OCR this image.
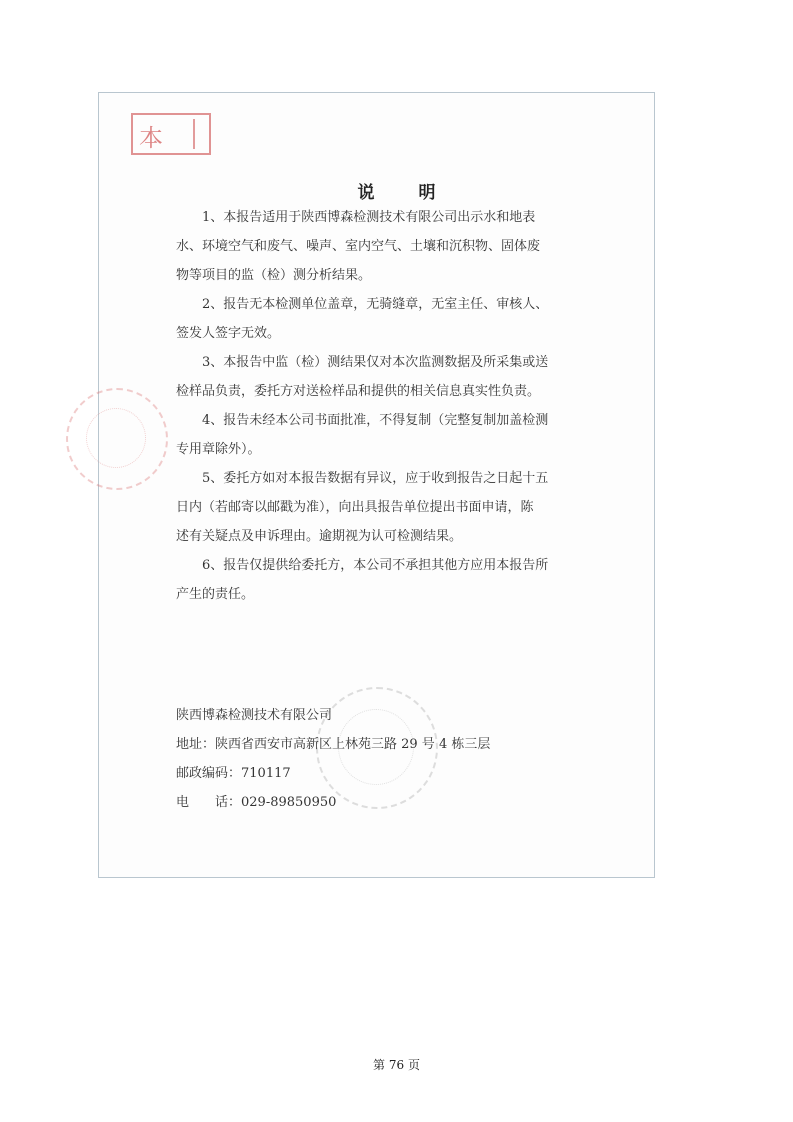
本
说明
1、本报告适用于陕西博森检测技术有限公司出示水和地表
水、环境空气和废气、噪声、室内空气、土壤和沉积物、固体废
物等项目的监（检）测分析结果。
2、报告无本检测单位盖章，无骑缝章，无室主任、审核人、
签发人签字无效。
3、本报告中监（检）测结果仅对本次监测数据及所采集或送
检样品负责，委托方对送检样品和提供的相关信息真实性负责。
4、报告未经本公司书面批准，不得复制（完整复制加盖检测
专用章除外）。
5、委托方如对本报告数据有异议，应于收到报告之日起十五
日内（若邮寄以邮戳为准），向出具报告单位提出书面申请，陈
述有关疑点及申诉理由。逾期视为认可检测结果。
6、报告仅提供给委托方，本公司不承担其他方应用本报告所
产生的责任。
陕西博森检测技术有限公司
地址：陕西省西安市高新区上林苑三路 29 号 4 栋三层
邮政编码：710117
电 话：029-89850950
第 76 页
